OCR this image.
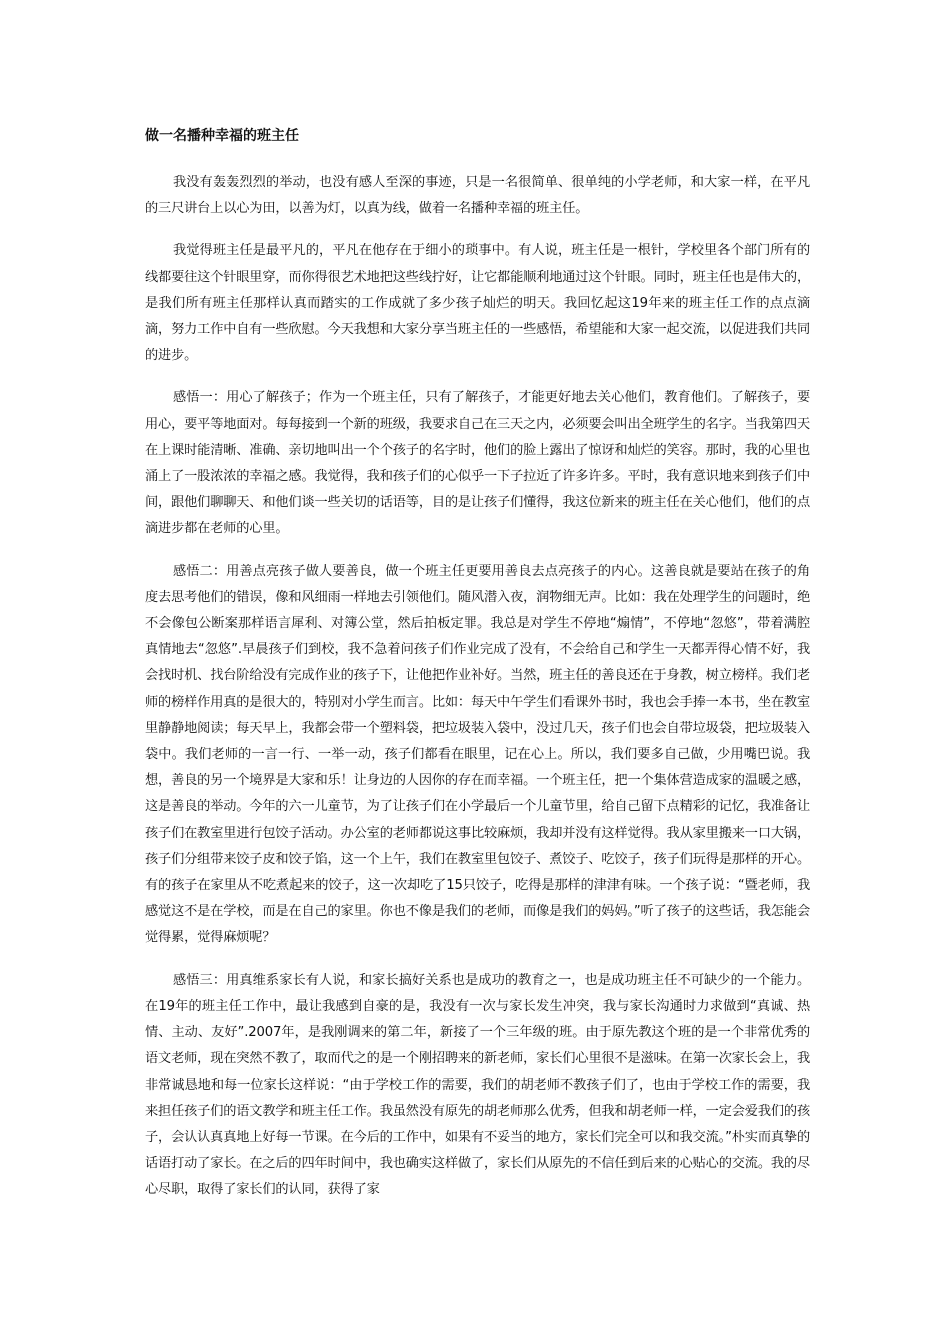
做一名播种幸福的班主任

我没有轰轰烈烈的举动，也没有感人至深的事迹，只是一名很简单、很单纯的小学老师，和大家一样，在平凡的三尺讲台上以心为田，以善为灯，以真为线，做着一名播种幸福的班主任。

我觉得班主任是最平凡的，平凡在他存在于细小的琐事中。有人说，班主任是一根针，学校里各个部门所有的线都要往这个针眼里穿，而你得很艺术地把这些线拧好，让它都能顺利地通过这个针眼。同时，班主任也是伟大的，是我们所有班主任那样认真而踏实的工作成就了多少孩子灿烂的明天。我回忆起这19年来的班主任工作的点点滴滴，努力工作中自有一些欣慰。今天我想和大家分享当班主任的一些感悟，希望能和大家一起交流，以促进我们共同的进步。

感悟一：用心了解孩子；作为一个班主任，只有了解孩子，才能更好地去关心他们，教育他们。了解孩子，要用心，要平等地面对。每每接到一个新的班级，我要求自己在三天之内，必须要会叫出全班学生的名字。当我第四天在上课时能清晰、准确、亲切地叫出一个个孩子的名字时，他们的脸上露出了惊讶和灿烂的笑容。那时，我的心里也涌上了一股浓浓的幸福之感。我觉得，我和孩子们的心似乎一下子拉近了许多许多。平时，我有意识地来到孩子们中间，跟他们聊聊天、和他们谈一些关切的话语等，目的是让孩子们懂得，我这位新来的班主任在关心他们，他们的点滴进步都在老师的心里。

感悟二：用善点亮孩子做人要善良，做一个班主任更要用善良去点亮孩子的内心。这善良就是要站在孩子的角度去思考他们的错误，像和风细雨一样地去引领他们。随风潜入夜，润物细无声。比如：我在处理学生的问题时，绝不会像包公断案那样语言犀利、对簿公堂，然后拍板定罪。我总是对学生不停地“煽情”，不停地“忽悠”，带着满腔真情地去“忽悠”.早晨孩子们到校，我不急着问孩子们作业完成了没有，不会给自己和学生一天都弄得心情不好，我会找时机、找台阶给没有完成作业的孩子下，让他把作业补好。当然，班主任的善良还在于身教，树立榜样。我们老师的榜样作用真的是很大的，特别对小学生而言。比如：每天中午学生们看课外书时，我也会手捧一本书，坐在教室里静静地阅读；每天早上，我都会带一个塑料袋，把垃圾装入袋中，没过几天，孩子们也会自带垃圾袋，把垃圾装入袋中。我们老师的一言一行、一举一动，孩子们都看在眼里，记在心上。所以，我们要多自己做，少用嘴巴说。我想，善良的另一个境界是大家和乐！让身边的人因你的存在而幸福。一个班主任，把一个集体营造成家的温暖之感，这是善良的举动。今年的六一儿童节，为了让孩子们在小学最后一个儿童节里，给自己留下点精彩的记忆，我准备让孩子们在教室里进行包饺子活动。办公室的老师都说这事比较麻烦，我却并没有这样觉得。我从家里搬来一口大锅，孩子们分组带来饺子皮和饺子馅，这一个上午，我们在教室里包饺子、煮饺子、吃饺子，孩子们玩得是那样的开心。有的孩子在家里从不吃煮起来的饺子，这一次却吃了15只饺子，吃得是那样的津津有味。一个孩子说：“暨老师，我感觉这不是在学校，而是在自己的家里。你也不像是我们的老师，而像是我们的妈妈。”听了孩子的这些话，我怎能会觉得累，觉得麻烦呢？

感悟三：用真维系家长有人说，和家长搞好关系也是成功的教育之一，也是成功班主任不可缺少的一个能力。在19年的班主任工作中，最让我感到自豪的是，我没有一次与家长发生冲突，我与家长沟通时力求做到“真诚、热情、主动、友好”.2007年，是我刚调来的第二年，新接了一个三年级的班。由于原先教这个班的是一个非常优秀的语文老师，现在突然不教了，取而代之的是一个刚招聘来的新老师，家长们心里很不是滋味。在第一次家长会上，我非常诚恳地和每一位家长这样说：“由于学校工作的需要，我们的胡老师不教孩子们了，也由于学校工作的需要，我来担任孩子们的语文教学和班主任工作。我虽然没有原先的胡老师那么优秀，但我和胡老师一样，一定会爱我们的孩子，会认认真真地上好每一节课。在今后的工作中，如果有不妥当的地方，家长们完全可以和我交流。”朴实而真挚的话语打动了家长。在之后的四年时间中，我也确实这样做了，家长们从原先的不信任到后来的心贴心的交流。我的尽心尽职，取得了家长们的认同，获得了家
